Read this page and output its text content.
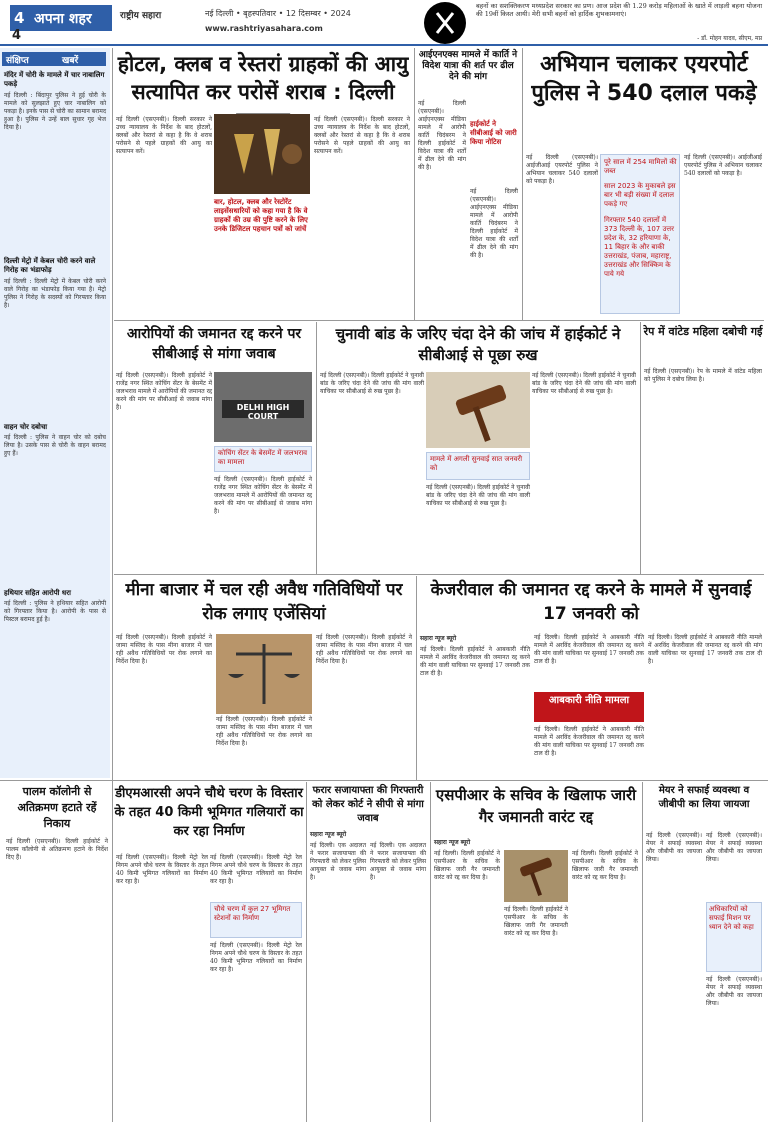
4 अपना शहर
4
राष्ट्रीय सहारा	नई दिल्ली • बृहस्पतिवार • 12 दिसम्बर • 2024
www.rashtriyasahara.com
बहनों का सशक्तिकरण मध्यप्रदेश सरकार का प्रण। आज प्रदेश की 1.29 करोड़ महिलाओं के खाते में लाड़ली बहना योजना की 19वीं किस्त आयी। मेरी सभी बहनों को हार्दिक शुभकामनाएं।
- डॉ. मोहन यादव, सीएम, मप्र
संक्षिप्त	खबरें
मंदिर में चोरी के मामले में चार नाबालिग पकड़े
नई दिल्ली : बिंदापुर पुलिस ने हुई चोरी के मामले को सुलझाते हुए चार नाबालिग को पकड़ा है। इनके पास से चोरी का सामान बरामद हुआ है। पुलिस ने उन्हें बाल सुधार गृह भेज दिया है।
दिल्ली मेट्रो में केबल चोरी करने वाले गिरोह का भंडाफोड़
नई दिल्ली : दिल्ली मेट्रो में केबल चोरी करने वाले गिरोह का भंडाफोड़ किया गया है। मेट्रो पुलिस ने गिरोह के सदस्यों को गिरफ्तार किया है।
वाहन चोर दबोचा
नई दिल्ली : पुलिस ने वाहन चोर को दबोच लिया है। उसके पास से चोरी के वाहन बरामद हुए हैं।
हथियार सहित आरोपी धरा
नई दिल्ली : पुलिस ने हथियार सहित आरोपी को गिरफ्तार किया है। आरोपी के पास से पिस्टल बरामद हुई है।
होटल, क्लब व रेस्तरां ग्राहकों की आयु सत्यापित कर परोसें शराब : दिल्ली
नई दिल्ली (एसएनबी)। दिल्ली सरकार ने उच्च न्यायालय के निर्देश के बाद होटलों, क्लबों और रेस्तरां से कहा है कि वे शराब परोसने से पहले ग्राहकों की आयु का सत्यापन करें।
बार, होटल, क्लब और रेस्टोरेंट लाइसेंसधारियों को कहा गया है कि वे ग्राहकों की उम्र की पुष्टि करने के लिए उनके डिजिटल पहचान पत्रों को जांचें
नई दिल्ली (एसएनबी)। दिल्ली सरकार ने उच्च न्यायालय के निर्देश के बाद होटलों, क्लबों और रेस्तरां से कहा है कि वे शराब परोसने से पहले ग्राहकों की आयु का सत्यापन करें।
आईएनएक्स मामले में कार्ति ने विदेश यात्रा की शर्त पर ढील देने की मांग
नई दिल्ली (एसएनबी)। आईएनएक्स मीडिया मामले में आरोपी कार्ति चिदंबरम ने दिल्ली हाईकोर्ट में विदेश यात्रा की शर्तों में ढील देने की मांग की है।
हाईकोर्ट ने सीबीआई को जारी किया नोटिस
नई दिल्ली (एसएनबी)। आईएनएक्स मीडिया मामले में आरोपी कार्ति चिदंबरम ने दिल्ली हाईकोर्ट में विदेश यात्रा की शर्तों में ढील देने की मांग की है।
अभियान चलाकर एयरपोर्ट पुलिस ने 540 दलाल पकड़े
नई दिल्ली (एसएनबी)। आईजीआई एयरपोर्ट पुलिस ने अभियान चलाकर 540 दलालों को पकड़ा है।
पूरे साल में 254 मामिलों की जब्त
साल 2023 के मुकाबले इस बार भी बड़ी संख्या में दलाल पकड़े गए
गिरफ्तार 540 दलालों में 373 दिल्ली के, 107 उत्तर प्रदेश के, 32 हरियाणा के, 11 बिहार के और बाकी उत्तराखंड, पंजाब, महाराष्ट्र, उत्तराखंड और सिक्किम के पाये गये
नई दिल्ली (एसएनबी)। आईजीआई एयरपोर्ट पुलिस ने अभियान चलाकर 540 दलालों को पकड़ा है।
आरोपियों की जमानत रद्द करने पर सीबीआई से मांगा जवाब
नई दिल्ली (एसएनबी)। दिल्ली हाईकोर्ट ने राजेंद्र नगर स्थित कोचिंग सेंटर के बेसमेंट में जलभराव मामले में आरोपियों की जमानत रद्द करने की मांग पर सीबीआई से जवाब मांगा है।	DELHI HIGH COURT
कोचिंग सेंटर के बेसमेंट में जलभराव का मामला
नई दिल्ली (एसएनबी)। दिल्ली हाईकोर्ट ने राजेंद्र नगर स्थित कोचिंग सेंटर के बेसमेंट में जलभराव मामले में आरोपियों की जमानत रद्द करने की मांग पर सीबीआई से जवाब मांगा है।
चुनावी बांड के जरिए चंदा देने की जांच में हाईकोर्ट ने सीबीआई से पूछा रुख
नई दिल्ली (एसएनबी)। दिल्ली हाईकोर्ट ने चुनावी बांड के जरिए चंदा देने की जांच की मांग वाली याचिका पर सीबीआई से रुख पूछा है।
मामले में अगली सुनवाई सात जनवरी को
नई दिल्ली (एसएनबी)। दिल्ली हाईकोर्ट ने चुनावी बांड के जरिए चंदा देने की जांच की मांग वाली याचिका पर सीबीआई से रुख पूछा है।
नई दिल्ली (एसएनबी)। दिल्ली हाईकोर्ट ने चुनावी बांड के जरिए चंदा देने की जांच की मांग वाली याचिका पर सीबीआई से रुख पूछा है।
रेप में वांटेड महिला दबोची गई
नई दिल्ली (एसएनबी)। रेप के मामले में वांटेड महिला को पुलिस ने दबोच लिया है।
मीना बाजार में चल रही अवैध गतिविधियों पर रोक लगाए एजेंसियां
नई दिल्ली (एसएनबी)। दिल्ली हाईकोर्ट ने जामा मस्जिद के पास मीना बाजार में चल रही अवैध गतिविधियों पर रोक लगाने का निर्देश दिया है।
नई दिल्ली (एसएनबी)। दिल्ली हाईकोर्ट ने जामा मस्जिद के पास मीना बाजार में चल रही अवैध गतिविधियों पर रोक लगाने का निर्देश दिया है।
नई दिल्ली (एसएनबी)। दिल्ली हाईकोर्ट ने जामा मस्जिद के पास मीना बाजार में चल रही अवैध गतिविधियों पर रोक लगाने का निर्देश दिया है।
केजरीवाल की जमानत रद्द करने के मामले में सुनवाई 17 जनवरी को
सहारा न्यूज ब्यूरो
नई दिल्ली। दिल्ली हाईकोर्ट ने आबकारी नीति मामले में अरविंद केजरीवाल की जमानत रद्द करने की मांग वाली याचिका पर सुनवाई 17 जनवरी तक टाल दी है।
नई दिल्ली। दिल्ली हाईकोर्ट ने आबकारी नीति मामले में अरविंद केजरीवाल की जमानत रद्द करने की मांग वाली याचिका पर सुनवाई 17 जनवरी तक टाल दी है।
आबकारी नीति मामला
नई दिल्ली। दिल्ली हाईकोर्ट ने आबकारी नीति मामले में अरविंद केजरीवाल की जमानत रद्द करने की मांग वाली याचिका पर सुनवाई 17 जनवरी तक टाल दी है।
नई दिल्ली। दिल्ली हाईकोर्ट ने आबकारी नीति मामले में अरविंद केजरीवाल की जमानत रद्द करने की मांग वाली याचिका पर सुनवाई 17 जनवरी तक टाल दी है।
पालम कॉलोनी से अतिक्रमण हटाते रहें निकाय
नई दिल्ली (एसएनबी)। दिल्ली हाईकोर्ट ने पालम कॉलोनी से अतिक्रमण हटाने के निर्देश दिए हैं।
डीएमआरसी अपने चौथे चरण के विस्तार के तहत 40 किमी भूमिगत गलियारों का कर रहा निर्माण
नई दिल्ली (एसएनबी)। दिल्ली मेट्रो रेल निगम अपने चौथे चरण के विस्तार के तहत 40 किमी भूमिगत गलियारों का निर्माण कर रहा है।
चौथे चरण में कुल 27 भूमिगत स्टेशनों का निर्माण
नई दिल्ली (एसएनबी)। दिल्ली मेट्रो रेल निगम अपने चौथे चरण के विस्तार के तहत 40 किमी भूमिगत गलियारों का निर्माण कर रहा है।
नई दिल्ली (एसएनबी)। दिल्ली मेट्रो रेल निगम अपने चौथे चरण के विस्तार के तहत 40 किमी भूमिगत गलियारों का निर्माण कर रहा है।
फरार सजायाफ्ता की गिरफ्तारी को लेकर कोर्ट ने सीपी से मांगा जवाब
सहारा न्यूज ब्यूरो
नई दिल्ली। एक अदालत ने फरार सजायाफ्ता की गिरफ्तारी को लेकर पुलिस आयुक्त से जवाब मांगा है।
नई दिल्ली। एक अदालत ने फरार सजायाफ्ता की गिरफ्तारी को लेकर पुलिस आयुक्त से जवाब मांगा है।
एसपीआर के सचिव के खिलाफ जारी गैर जमानती वारंट रद्द
सहारा न्यूज ब्यूरो
नई दिल्ली। दिल्ली हाईकोर्ट ने एसपीआर के सचिव के खिलाफ जारी गैर जमानती वारंट को रद्द कर दिया है।
नई दिल्ली। दिल्ली हाईकोर्ट ने एसपीआर के सचिव के खिलाफ जारी गैर जमानती वारंट को रद्द कर दिया है।
नई दिल्ली। दिल्ली हाईकोर्ट ने एसपीआर के सचिव के खिलाफ जारी गैर जमानती वारंट को रद्द कर दिया है।
मेयर ने सफाई व्यवस्था व जीबीपी का लिया जायजा
नई दिल्ली (एसएनबी)। मेयर ने सफाई व्यवस्था और जीबीपी का जायजा लिया।
अधिकारियों को सफाई मिशन पर ध्यान देने को कहा
नई दिल्ली (एसएनबी)। मेयर ने सफाई व्यवस्था और जीबीपी का जायजा लिया।
नई दिल्ली (एसएनबी)। मेयर ने सफाई व्यवस्था और जीबीपी का जायजा लिया।
